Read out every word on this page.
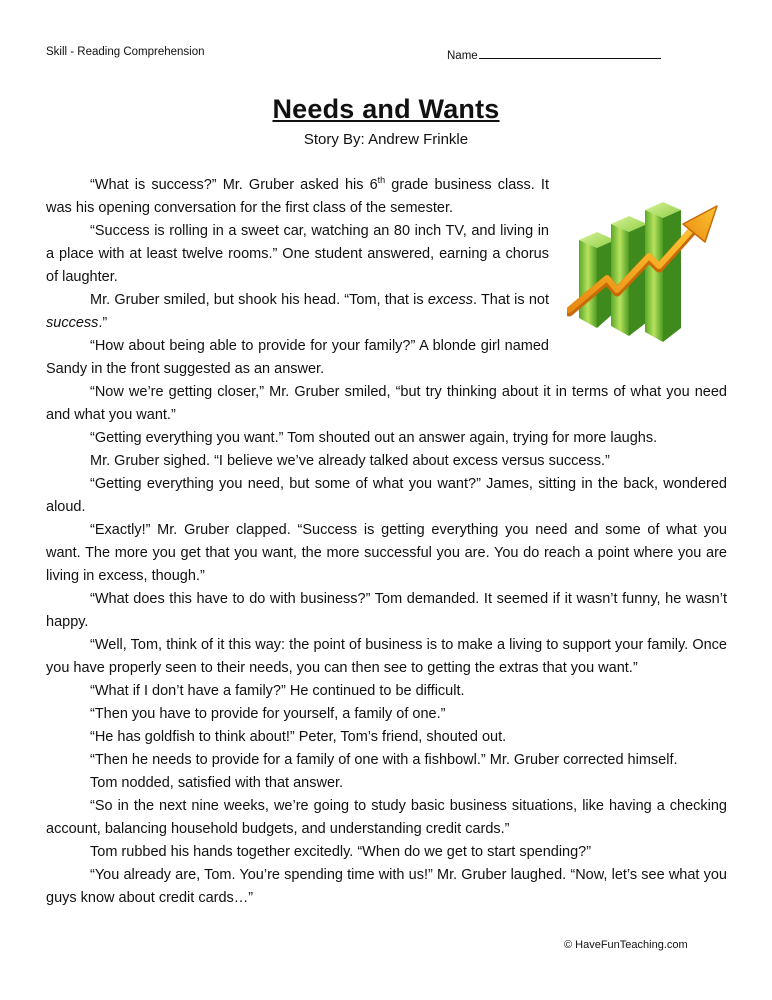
Skill - Reading Comprehension	Name
Needs and Wants
Story By: Andrew Frinkle

“What is success?” Mr. Gruber asked his 6th grade business class. It was his opening conversation for the first class of the semester.

“Success is rolling in a sweet car, watching an 80 inch TV, and living in a place with at least twelve rooms.” One student answered, earning a chorus of laughter.

Mr. Gruber smiled, but shook his head. “Tom, that is excess. That is not success.”

“How about being able to provide for your family?” A blonde girl named Sandy in the front suggested as an answer.

“Now we’re getting closer,” Mr. Gruber smiled, “but try thinking about it in terms of what you need and what you want.”

“Getting everything you want.” Tom shouted out an answer again, trying for more laughs.

Mr. Gruber sighed. “I believe we’ve already talked about excess versus success.”

“Getting everything you need, but some of what you want?” James, sitting in the back, wondered aloud.

“Exactly!” Mr. Gruber clapped. “Success is getting everything you need and some of what you want. The more you get that you want, the more successful you are. You do reach a point where you are living in excess, though.”

“What does this have to do with business?” Tom demanded. It seemed if it wasn’t funny, he wasn’t happy.

“Well, Tom, think of it this way: the point of business is to make a living to support your family. Once you have properly seen to their needs, you can then see to getting the extras that you want.”

“What if I don’t have a family?” He continued to be difficult.

“Then you have to provide for yourself, a family of one.”

“He has goldfish to think about!” Peter, Tom’s friend, shouted out.

“Then he needs to provide for a family of one with a fishbowl.” Mr. Gruber corrected himself.

Tom nodded, satisfied with that answer.

“So in the next nine weeks, we’re going to study basic business situations, like having a checking account, balancing household budgets, and understanding credit cards.”

Tom rubbed his hands together excitedly. “When do we get to start spending?”

“You already are, Tom. You’re spending time with us!” Mr. Gruber laughed. “Now, let’s see what you guys know about credit cards…”

© HaveFunTeaching.com
